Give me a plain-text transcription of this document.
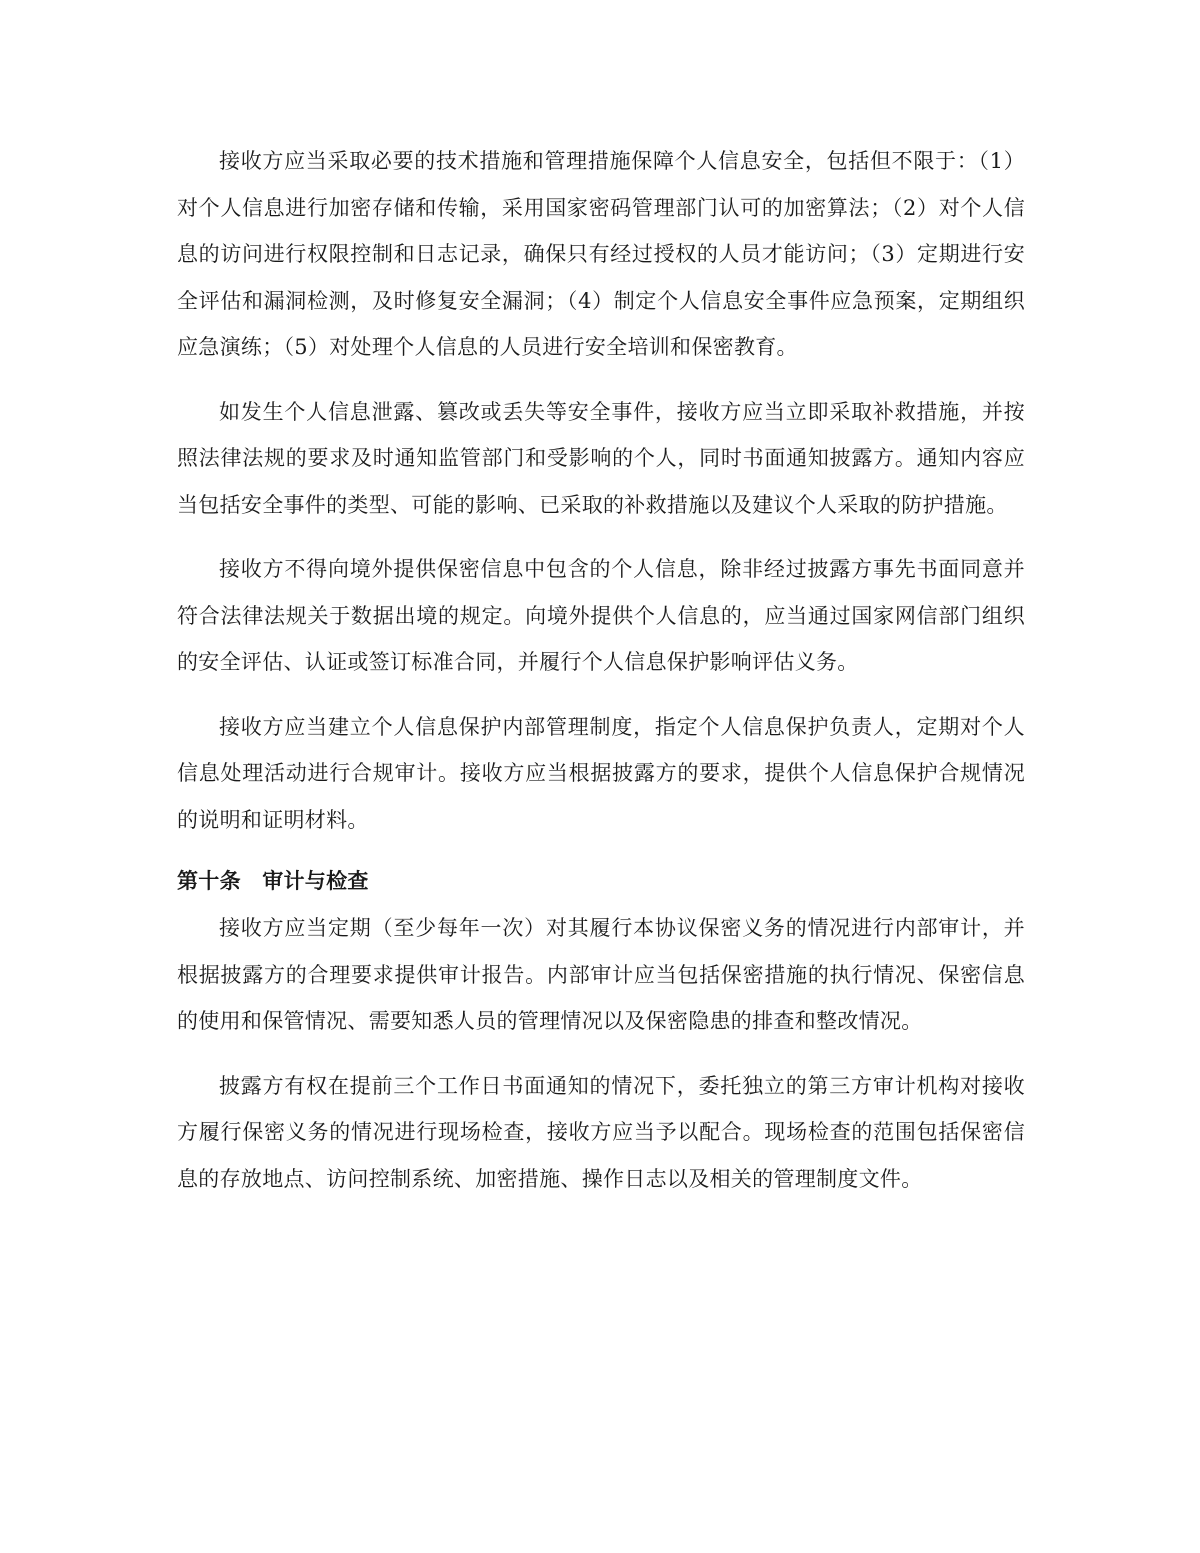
接收方应当采取必要的技术措施和管理措施保障个人信息安全，包括但不限于：（1）对个人信息进行加密存储和传输，采用国家密码管理部门认可的加密算法；（2）对个人信息的访问进行权限控制和日志记录，确保只有经过授权的人员才能访问；（3）定期进行安全评估和漏洞检测，及时修复安全漏洞；（4）制定个人信息安全事件应急预案，定期组织应急演练；（5）对处理个人信息的人员进行安全培训和保密教育。

如发生个人信息泄露、篡改或丢失等安全事件，接收方应当立即采取补救措施，并按照法律法规的要求及时通知监管部门和受影响的个人，同时书面通知披露方。通知内容应当包括安全事件的类型、可能的影响、已采取的补救措施以及建议个人采取的防护措施。

接收方不得向境外提供保密信息中包含的个人信息，除非经过披露方事先书面同意并符合法律法规关于数据出境的规定。向境外提供个人信息的，应当通过国家网信部门组织的安全评估、认证或签订标准合同，并履行个人信息保护影响评估义务。

接收方应当建立个人信息保护内部管理制度，指定个人信息保护负责人，定期对个人信息处理活动进行合规审计。接收方应当根据披露方的要求，提供个人信息保护合规情况的说明和证明材料。

第十条　审计与检查

接收方应当定期（至少每年一次）对其履行本协议保密义务的情况进行内部审计，并根据披露方的合理要求提供审计报告。内部审计应当包括保密措施的执行情况、保密信息的使用和保管情况、需要知悉人员的管理情况以及保密隐患的排查和整改情况。

披露方有权在提前三个工作日书面通知的情况下，委托独立的第三方审计机构对接收方履行保密义务的情况进行现场检查，接收方应当予以配合。现场检查的范围包括保密信息的存放地点、访问控制系统、加密措施、操作日志以及相关的管理制度文件。
